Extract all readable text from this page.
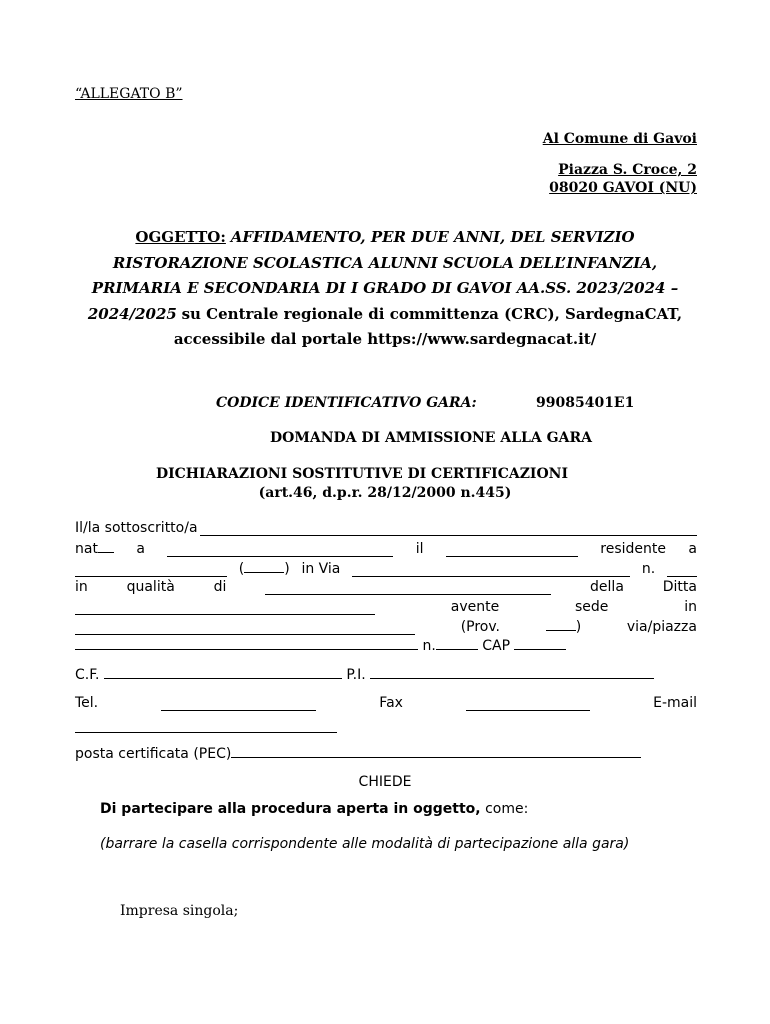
“ALLEGATO B”
Al Comune di Gavoi
Piazza S. Croce, 2
08020 GAVOI (NU)
OGGETTO: AFFIDAMENTO, PER DUE ANNI, DEL SERVIZIO
RISTORAZIONE SCOLASTICA ALUNNI SCUOLA DELL’INFANZIA,
PRIMARIA E SECONDARIA DI I GRADO DI GAVOI AA.SS. 2023/2024 –
2024/2025 su Centrale regionale di committenza (CRC), SardegnaCAT,
accessibile dal portale https://www.sardegnacat.it/
CODICE IDENTIFICATIVO GARA:	99085401E1
DOMANDA DI AMMISSIONE ALLA GARA
DICHIARAZIONI SOSTITUTIVE DI CERTIFICAZIONI
(art.46, d.p.r. 28/12/2000 n.445)
Il/la sottoscritto/a
nat	a	il	residente a
(	) in Via	n.
in	qualità	di	della	Ditta
avente	sede	in
(Prov.	)	via/piazza
n.	CAP
C.F.	P.I.
Tel.	Fax	E-mail
posta certificata (PEC)
CHIEDE
Di partecipare alla procedura aperta in oggetto, come:
(barrare la casella corrispondente alle modalità di partecipazione alla gara)
Impresa singola;
